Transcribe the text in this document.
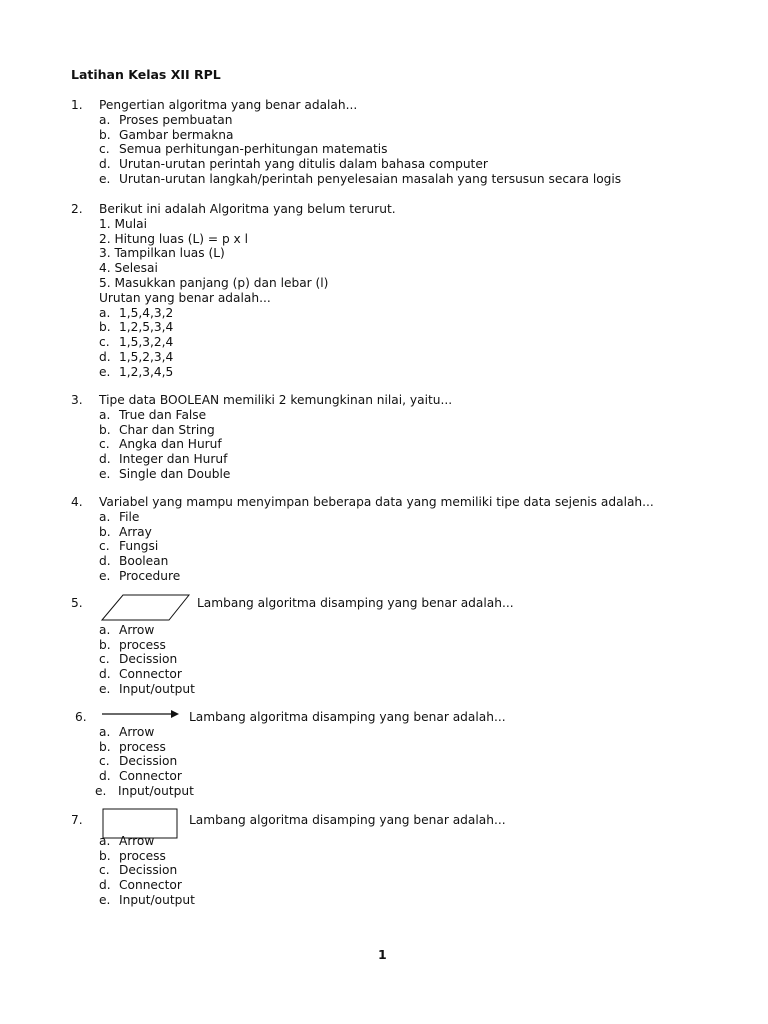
Latihan Kelas XII RPL
1. Pengertian algoritma yang benar adalah...
a. Proses pembuatan
b. Gambar bermakna
c. Semua perhitungan-perhitungan matematis
d. Urutan-urutan perintah yang ditulis dalam bahasa computer
e. Urutan-urutan langkah/perintah penyelesaian masalah yang tersusun secara logis
2. Berikut ini adalah Algoritma yang belum terurut.
1. Mulai
2. Hitung luas (L) = p x l
3. Tampilkan luas (L)
4. Selesai
5. Masukkan panjang (p) dan lebar (l)
Urutan yang benar adalah...
a. 1,5,4,3,2
b. 1,2,5,3,4
c. 1,5,3,2,4
d. 1,5,2,3,4
e. 1,2,3,4,5
3. Tipe data BOOLEAN memiliki 2 kemungkinan nilai, yaitu...
a. True dan False
b. Char dan String
c. Angka dan Huruf
d. Integer dan Huruf
e. Single dan Double
4. Variabel yang mampu menyimpan beberapa data yang memiliki tipe data sejenis adalah...
a. File
b. Array
c. Fungsi
d. Boolean
e. Procedure
5.	Lambang algoritma disamping yang benar adalah...
a. Arrow
b. process
c. Decission
d. Connector
e. Input/output
6.	Lambang algoritma disamping yang benar adalah...
a. Arrow
b. process
c. Decission
d. Connector
e. Input/output
7.	Lambang algoritma disamping yang benar adalah...
a. Arrow
b. process
c. Decission
d. Connector
e. Input/output
1
